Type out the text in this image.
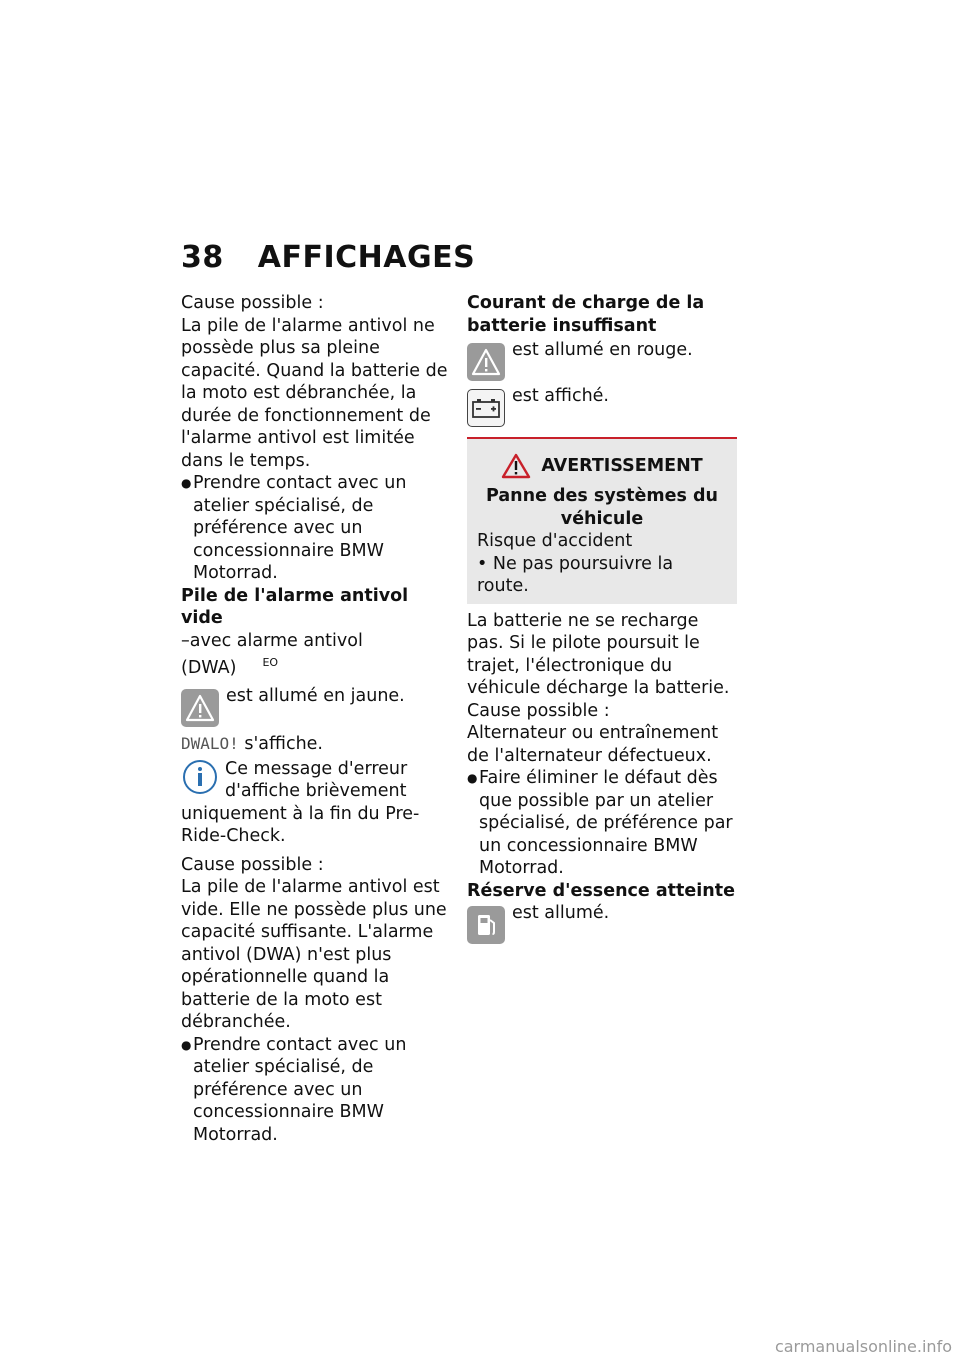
38 AFFICHAGES

Cause possible :

La pile de l'alarme antivol ne possède plus sa pleine capacité. Quand la batterie de la moto est débranchée, la durée de fonctionnement de l'alarme antivol est limitée dans le temps.

● Prendre contact avec un atelier spécialisé, de préférence avec un concessionnaire BMW Motorrad.

Pile de l'alarme antivol vide

–avec alarme antivol (DWA) $^{EO}$

est allumé en jaune.

DWALO! s'affiche.

Ce message d'erreur d'affiche brièvement uniquement à la fin du Pre-Ride-Check.

Cause possible :

La pile de l'alarme antivol est vide. Elle ne possède plus une capacité suffisante. L'alarme antivol (DWA) n'est plus opérationnelle quand la batterie de la moto est débranchée.

● Prendre contact avec un atelier spécialisé, de préférence avec un concessionnaire BMW Motorrad.

Courant de charge de la batterie insuffisant

est allumé en rouge.
est affiché.
AVERTISSEMENT

Panne des systèmes du véhicule

Risque d'accident

• Ne pas poursuivre la route.

La batterie ne se recharge pas. Si le pilote poursuit le trajet, l'électronique du véhicule décharge la batterie.

Cause possible :

Alternateur ou entraînement de l'alternateur défectueux.

● Faire éliminer le défaut dès que possible par un atelier spécialisé, de préférence par un concessionnaire BMW Motorrad.

Réserve d'essence atteinte

est allumé.
carmanualsonline.info
